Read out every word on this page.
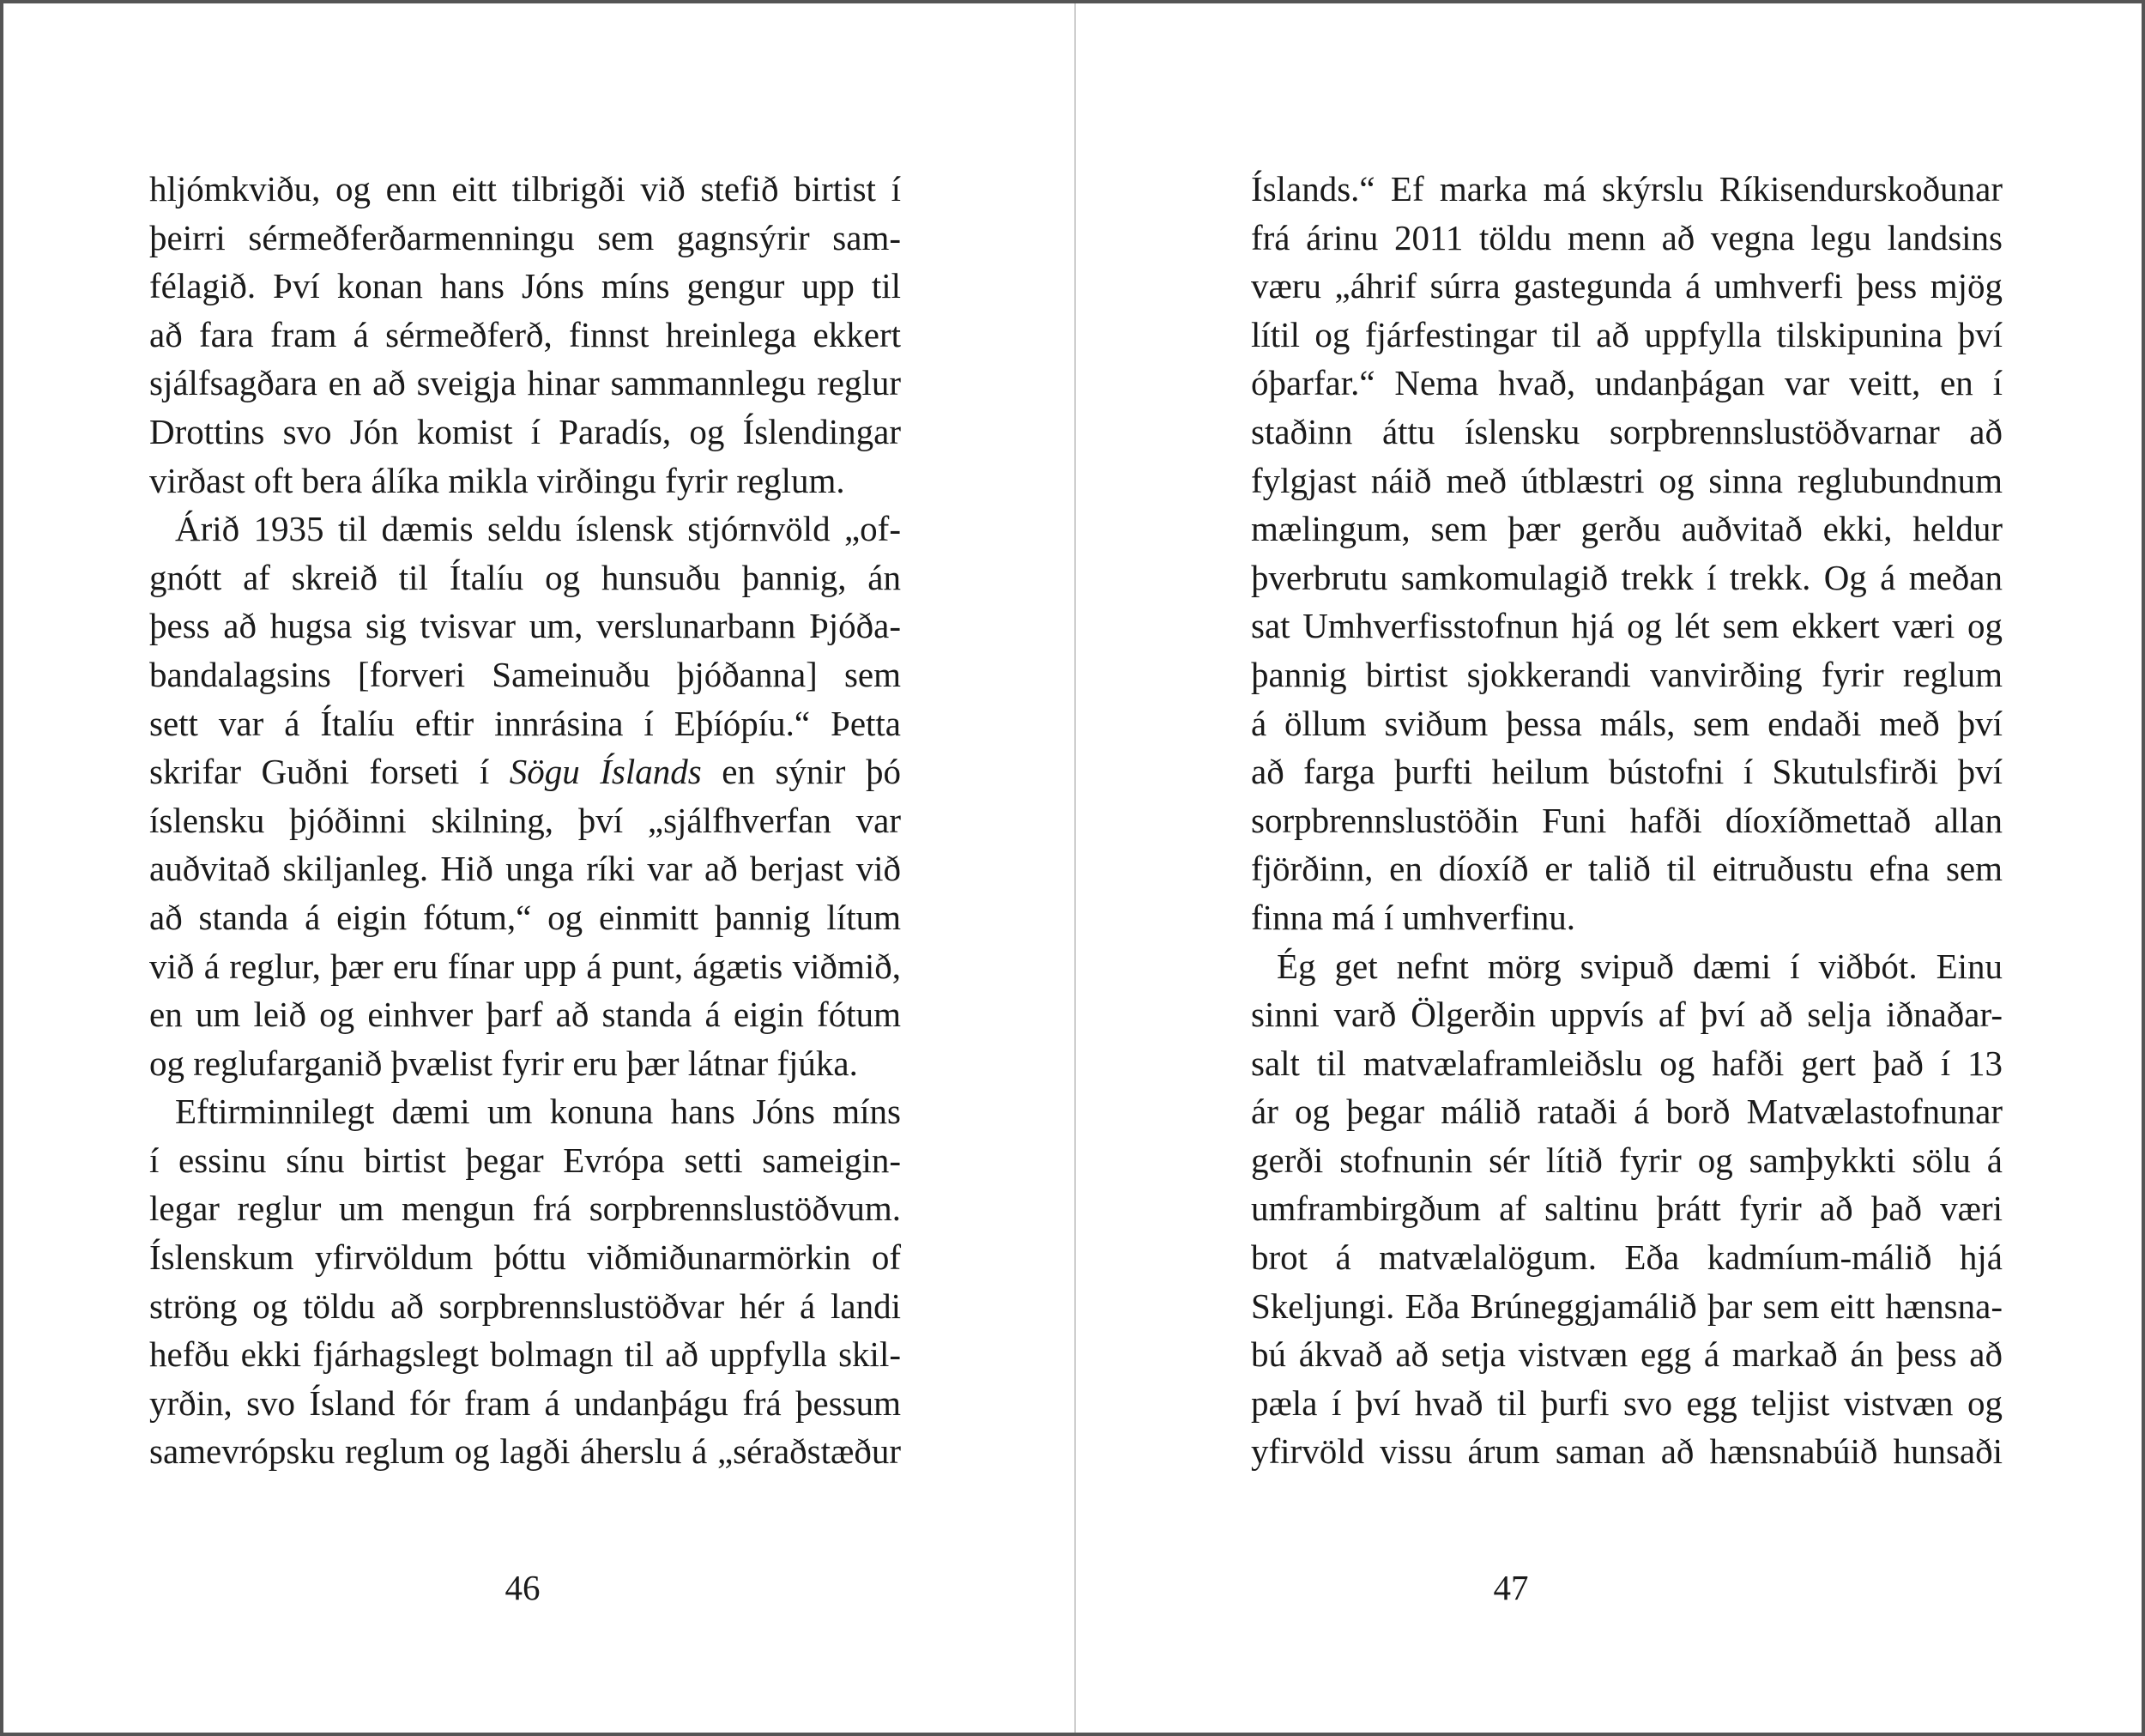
hljómkviðu, og enn eitt tilbrigði við stefið birtist í
þeirri sérmeðferðarmenningu sem gagnsýrir sam-
félagið. Því konan hans Jóns míns gengur upp til
að fara fram á sérmeðferð, finnst hreinlega ekkert
sjálfsagðara en að sveigja hinar sammannlegu reglur
Drottins svo Jón komist í Paradís, og Íslendingar
virðast oft bera álíka mikla virðingu fyrir reglum.
Árið 1935 til dæmis seldu íslensk stjórnvöld „of-
gnótt af skreið til Ítalíu og hunsuðu þannig, án
þess að hugsa sig tvisvar um, verslunarbann Þjóða-
bandalagsins [forveri Sameinuðu þjóðanna] sem
sett var á Ítalíu eftir innrásina í Eþíópíu.“ Þetta
skrifar Guðni forseti í Sögu Íslands en sýnir þó
íslensku þjóðinni skilning, því „sjálfhverfan var
auðvitað skiljanleg. Hið unga ríki var að berjast við
að standa á eigin fótum,“ og einmitt þannig lítum
við á reglur, þær eru fínar upp á punt, ágætis viðmið,
en um leið og einhver þarf að standa á eigin fótum
og reglufarganið þvælist fyrir eru þær látnar fjúka.
Eftirminnilegt dæmi um konuna hans Jóns míns
í essinu sínu birtist þegar Evrópa setti sameigin-
legar reglur um mengun frá sorpbrennslustöðvum.
Íslenskum yfirvöldum þóttu viðmiðunarmörkin of
ströng og töldu að sorpbrennslustöðvar hér á landi
hefðu ekki fjárhagslegt bolmagn til að uppfylla skil-
yrðin, svo Ísland fór fram á undanþágu frá þessum
samevrópsku reglum og lagði áherslu á „séraðstæður
46
Íslands.“ Ef marka má skýrslu Ríkisendurskoðunar
frá árinu 2011 töldu menn að vegna legu landsins
væru „áhrif súrra gastegunda á umhverfi þess mjög
lítil og fjárfestingar til að uppfylla tilskipunina því
óþarfar.“ Nema hvað, undanþágan var veitt, en í
staðinn áttu íslensku sorpbrennslustöðvarnar að
fylgjast náið með útblæstri og sinna reglubundnum
mælingum, sem þær gerðu auðvitað ekki, heldur
þverbrutu samkomulagið trekk í trekk. Og á meðan
sat Umhverfisstofnun hjá og lét sem ekkert væri og
þannig birtist sjokkerandi vanvirðing fyrir reglum
á öllum sviðum þessa máls, sem endaði með því
að farga þurfti heilum bústofni í Skutulsfirði því
sorpbrennslustöðin Funi hafði díoxíðmettað allan
fjörðinn, en díoxíð er talið til eitruðustu efna sem
finna má í umhverfinu.
Ég get nefnt mörg svipuð dæmi í viðbót. Einu
sinni varð Ölgerðin uppvís af því að selja iðnaðar-
salt til matvælaframleiðslu og hafði gert það í 13
ár og þegar málið rataði á borð Matvælastofnunar
gerði stofnunin sér lítið fyrir og samþykkti sölu á
umframbirgðum af saltinu þrátt fyrir að það væri
brot á matvælalögum. Eða kadmíum-málið hjá
Skeljungi. Eða Brúneggjamálið þar sem eitt hænsna-
bú ákvað að setja vistvæn egg á markað án þess að
pæla í því hvað til þurfi svo egg teljist vistvæn og
yfirvöld vissu árum saman að hænsnabúið hunsaði
47
